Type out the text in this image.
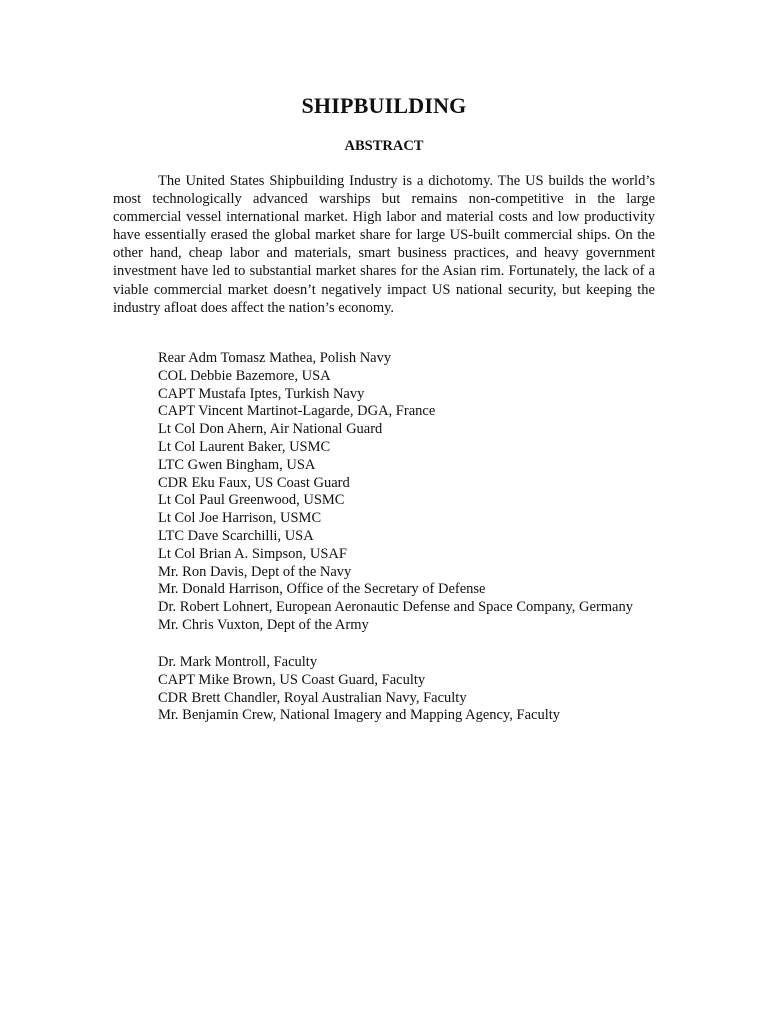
SHIPBUILDING
ABSTRACT

The United States Shipbuilding Industry is a dichotomy. The US builds the world’s most technologically advanced warships but remains non-competitive in the large commercial vessel international market. High labor and material costs and low productivity have essentially erased the global market share for large US-built commercial ships. On the other hand, cheap labor and materials, smart business practices, and heavy government investment have led to substantial market shares for the Asian rim. Fortunately, the lack of a viable commercial market doesn’t negatively impact US national security, but keeping the industry afloat does affect the nation’s economy.

Rear Adm Tomasz Mathea, Polish Navy
COL Debbie Bazemore, USA
CAPT Mustafa Iptes, Turkish Navy
CAPT Vincent Martinot-Lagarde, DGA, France
Lt Col Don Ahern, Air National Guard
Lt Col Laurent Baker, USMC
LTC Gwen Bingham, USA
CDR Eku Faux, US Coast Guard
Lt Col Paul Greenwood, USMC
Lt Col Joe Harrison, USMC
LTC Dave Scarchilli, USA
Lt Col Brian A. Simpson, USAF
Mr. Ron Davis, Dept of the Navy
Mr. Donald Harrison, Office of the Secretary of Defense
Dr. Robert Lohnert, European Aeronautic Defense and Space Company, Germany
Mr. Chris Vuxton, Dept of the Army
Dr. Mark Montroll, Faculty
CAPT Mike Brown, US Coast Guard, Faculty
CDR Brett Chandler, Royal Australian Navy, Faculty
Mr. Benjamin Crew, National Imagery and Mapping Agency, Faculty
